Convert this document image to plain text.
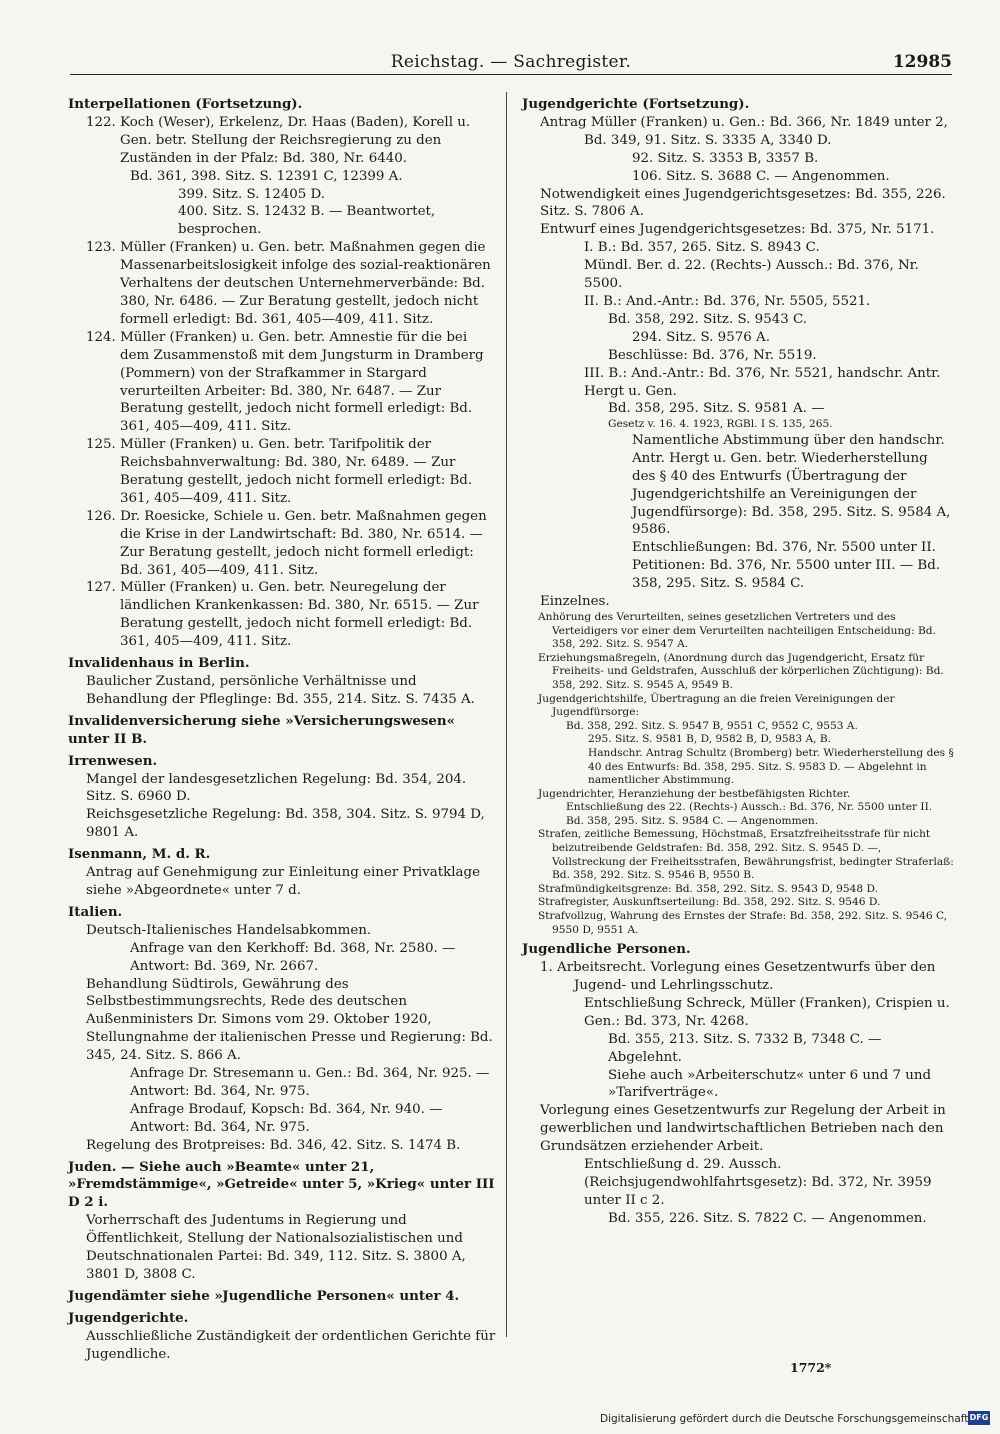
Reichstag. — Sachregister.	12985

Interpellationen (Fortsetzung).

122. Koch (Weser), Erkelenz, Dr. Haas (Baden), Korell u. Gen. betr. Stellung der Reichsregierung zu den Zuständen in der Pfalz: Bd. 380, Nr. 6440.

Bd. 361, 398. Sitz. S. 12391 C, 12399 A.

399. Sitz. S. 12405 D.

400. Sitz. S. 12432 B. — Beantwortet, besprochen.

123. Müller (Franken) u. Gen. betr. Maßnahmen gegen die Massenarbeitslosigkeit infolge des sozial-reaktionären Verhaltens der deutschen Unternehmerverbände: Bd. 380, Nr. 6486. — Zur Beratung gestellt, jedoch nicht formell erledigt: Bd. 361, 405—409, 411. Sitz.

124. Müller (Franken) u. Gen. betr. Amnestie für die bei dem Zusammenstoß mit dem Jungsturm in Dramberg (Pommern) von der Strafkammer in Stargard verurteilten Arbeiter: Bd. 380, Nr. 6487. — Zur Beratung gestellt, jedoch nicht formell erledigt: Bd. 361, 405—409, 411. Sitz.

125. Müller (Franken) u. Gen. betr. Tarifpolitik der Reichsbahnverwaltung: Bd. 380, Nr. 6489. — Zur Beratung gestellt, jedoch nicht formell erledigt: Bd. 361, 405—409, 411. Sitz.

126. Dr. Roesicke, Schiele u. Gen. betr. Maßnahmen gegen die Krise in der Landwirtschaft: Bd. 380, Nr. 6514. — Zur Beratung gestellt, jedoch nicht formell erledigt: Bd. 361, 405—409, 411. Sitz.

127. Müller (Franken) u. Gen. betr. Neuregelung der ländlichen Krankenkassen: Bd. 380, Nr. 6515. — Zur Beratung gestellt, jedoch nicht formell erledigt: Bd. 361, 405—409, 411. Sitz.

Invalidenhaus in Berlin.

Baulicher Zustand, persönliche Verhältnisse und Behandlung der Pfleglinge: Bd. 355, 214. Sitz. S. 7435 A.

Invalidenversicherung siehe »Versicherungswesen« unter II B.

Irrenwesen.

Mangel der landesgesetzlichen Regelung: Bd. 354, 204. Sitz. S. 6960 D.

Reichsgesetzliche Regelung: Bd. 358, 304. Sitz. S. 9794 D, 9801 A.

Isenmann, M. d. R.

Antrag auf Genehmigung zur Einleitung einer Privatklage siehe »Abgeordnete« unter 7 d.

Italien.

Deutsch-Italienisches Handelsabkommen.

Anfrage van den Kerkhoff: Bd. 368, Nr. 2580. — Antwort: Bd. 369, Nr. 2667.

Behandlung Südtirols, Gewährung des Selbstbestimmungsrechts, Rede des deutschen Außenministers Dr. Simons vom 29. Oktober 1920, Stellungnahme der italienischen Presse und Regierung: Bd. 345, 24. Sitz. S. 866 A.

Anfrage Dr. Stresemann u. Gen.: Bd. 364, Nr. 925. — Antwort: Bd. 364, Nr. 975.

Anfrage Brodauf, Kopsch: Bd. 364, Nr. 940. — Antwort: Bd. 364, Nr. 975.

Regelung des Brotpreises: Bd. 346, 42. Sitz. S. 1474 B.

Juden. — Siehe auch »Beamte« unter 21, »Fremdstämmige«, »Getreide« unter 5, »Krieg« unter III D 2 i.

Vorherrschaft des Judentums in Regierung und Öffentlichkeit, Stellung der Nationalsozialistischen und Deutschnationalen Partei: Bd. 349, 112. Sitz. S. 3800 A, 3801 D, 3808 C.

Jugendämter siehe »Jugendliche Personen« unter 4.

Jugendgerichte.

Ausschließliche Zuständigkeit der ordentlichen Gerichte für Jugendliche.

Jugendgerichte (Fortsetzung).

Antrag Müller (Franken) u. Gen.: Bd. 366, Nr. 1849 unter 2,

Bd. 349, 91. Sitz. S. 3335 A, 3340 D.

92. Sitz. S. 3353 B, 3357 B.

106. Sitz. S. 3688 C. — Angenommen.

Notwendigkeit eines Jugendgerichtsgesetzes: Bd. 355, 226. Sitz. S. 7806 A.

Entwurf eines Jugendgerichtsgesetzes: Bd. 375, Nr. 5171.

I. B.: Bd. 357, 265. Sitz. S. 8943 C.

Mündl. Ber. d. 22. (Rechts-) Aussch.: Bd. 376, Nr. 5500.

II. B.: And.-Antr.: Bd. 376, Nr. 5505, 5521.

Bd. 358, 292. Sitz. S. 9543 C.

294. Sitz. S. 9576 A.

Beschlüsse: Bd. 376, Nr. 5519.

III. B.: And.-Antr.: Bd. 376, Nr. 5521, handschr. Antr. Hergt u. Gen.

Bd. 358, 295. Sitz. S. 9581 A. —

Gesetz v. 16. 4. 1923, RGBl. I S. 135, 265.

Namentliche Abstimmung über den handschr. Antr. Hergt u. Gen. betr. Wiederherstellung des § 40 des Entwurfs (Übertragung der Jugendgerichtshilfe an Vereinigungen der Jugendfürsorge): Bd. 358, 295. Sitz. S. 9584 A, 9586.

Entschließungen: Bd. 376, Nr. 5500 unter II.

Petitionen: Bd. 376, Nr. 5500 unter III. — Bd. 358, 295. Sitz. S. 9584 C.

Einzelnes.

Anhörung des Verurteilten, seines gesetzlichen Vertreters und des Verteidigers vor einer dem Verurteilten nachteiligen Entscheidung: Bd. 358, 292. Sitz. S. 9547 A.

Erziehungsmaßregeln, (Anordnung durch das Jugendgericht, Ersatz für Freiheits- und Geldstrafen, Ausschluß der körperlichen Züchtigung): Bd. 358, 292. Sitz. S. 9545 A, 9549 B.

Jugendgerichtshilfe, Übertragung an die freien Vereinigungen der Jugendfürsorge:

Bd. 358, 292. Sitz. S. 9547 B, 9551 C, 9552 C, 9553 A.

295. Sitz. S. 9581 B, D, 9582 B, D, 9583 A, B.

Handschr. Antrag Schultz (Bromberg) betr. Wiederherstellung des § 40 des Entwurfs: Bd. 358, 295. Sitz. S. 9583 D. — Abgelehnt in namentlicher Abstimmung.

Jugendrichter, Heranziehung der bestbefähigsten Richter.

Entschließung des 22. (Rechts-) Aussch.: Bd. 376, Nr. 5500 unter II.

Bd. 358, 295. Sitz. S. 9584 C. — Angenommen.

Strafen, zeitliche Bemessung, Höchstmaß, Ersatzfreiheitsstrafe für nicht beizutreibende Geldstrafen: Bd. 358, 292. Sitz. S. 9545 D. —, Vollstreckung der Freiheitsstrafen, Bewährungsfrist, bedingter Straferlaß: Bd. 358, 292. Sitz. S. 9546 B, 9550 B.

Strafmündigkeitsgrenze: Bd. 358, 292. Sitz. S. 9543 D, 9548 D.

Strafregister, Auskunftserteilung: Bd. 358, 292. Sitz. S. 9546 D.

Strafvollzug, Wahrung des Ernstes der Strafe: Bd. 358, 292. Sitz. S. 9546 C, 9550 D, 9551 A.

Jugendliche Personen.

1. Arbeitsrecht. Vorlegung eines Gesetzentwurfs über den Jugend- und Lehrlingsschutz.

Entschließung Schreck, Müller (Franken), Crispien u. Gen.: Bd. 373, Nr. 4268.

Bd. 355, 213. Sitz. S. 7332 B, 7348 C. — Abgelehnt.

Siehe auch »Arbeiterschutz« unter 6 und 7 und »Tarifverträge«.

Vorlegung eines Gesetzentwurfs zur Regelung der Arbeit in gewerblichen und landwirtschaftlichen Betrieben nach den Grundsätzen erziehender Arbeit.

Entschließung d. 29. Aussch. (Reichsjugendwohlfahrtsgesetz): Bd. 372, Nr. 3959 unter II c 2.

Bd. 355, 226. Sitz. S. 7822 C. — Angenommen.

1772*
Digitalisierung gefördert durch die Deutsche Forschungsgemeinschaft DFG
